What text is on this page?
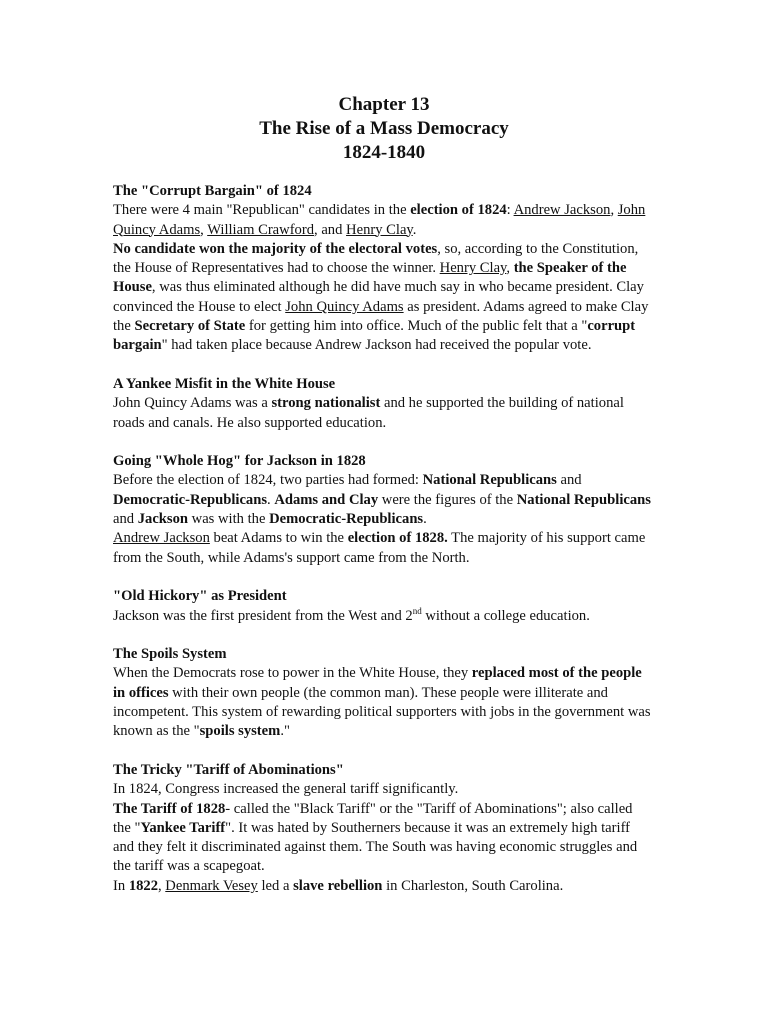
Chapter 13
The Rise of a Mass Democracy
1824-1840
The "Corrupt Bargain" of 1824

There were 4 main "Republican" candidates in the election of 1824: Andrew Jackson, John Quincy Adams, William Crawford, and Henry Clay.

No candidate won the majority of the electoral votes, so, according to the Constitution, the House of Representatives had to choose the winner. Henry Clay, the Speaker of the House, was thus eliminated although he did have much say in who became president. Clay convinced the House to elect John Quincy Adams as president. Adams agreed to make Clay the Secretary of State for getting him into office. Much of the public felt that a "corrupt bargain" had taken place because Andrew Jackson had received the popular vote.

A Yankee Misfit in the White House

John Quincy Adams was a strong nationalist and he supported the building of national roads and canals. He also supported education.

Going "Whole Hog" for Jackson in 1828

Before the election of 1824, two parties had formed: National Republicans and Democratic-Republicans. Adams and Clay were the figures of the National Republicans and Jackson was with the Democratic-Republicans.

Andrew Jackson beat Adams to win the election of 1828. The majority of his support came from the South, while Adams's support came from the North.

"Old Hickory" as President

Jackson was the first president from the West and 2nd without a college education.

The Spoils System

When the Democrats rose to power in the White House, they replaced most of the people in offices with their own people (the common man). These people were illiterate and incompetent. This system of rewarding political supporters with jobs in the government was known as the "spoils system."

The Tricky "Tariff of Abominations"

In 1824, Congress increased the general tariff significantly.

The Tariff of 1828- called the "Black Tariff" or the "Tariff of Abominations"; also called the "Yankee Tariff". It was hated by Southerners because it was an extremely high tariff and they felt it discriminated against them. The South was having economic struggles and the tariff was a scapegoat.

In 1822, Denmark Vesey led a slave rebellion in Charleston, South Carolina.
